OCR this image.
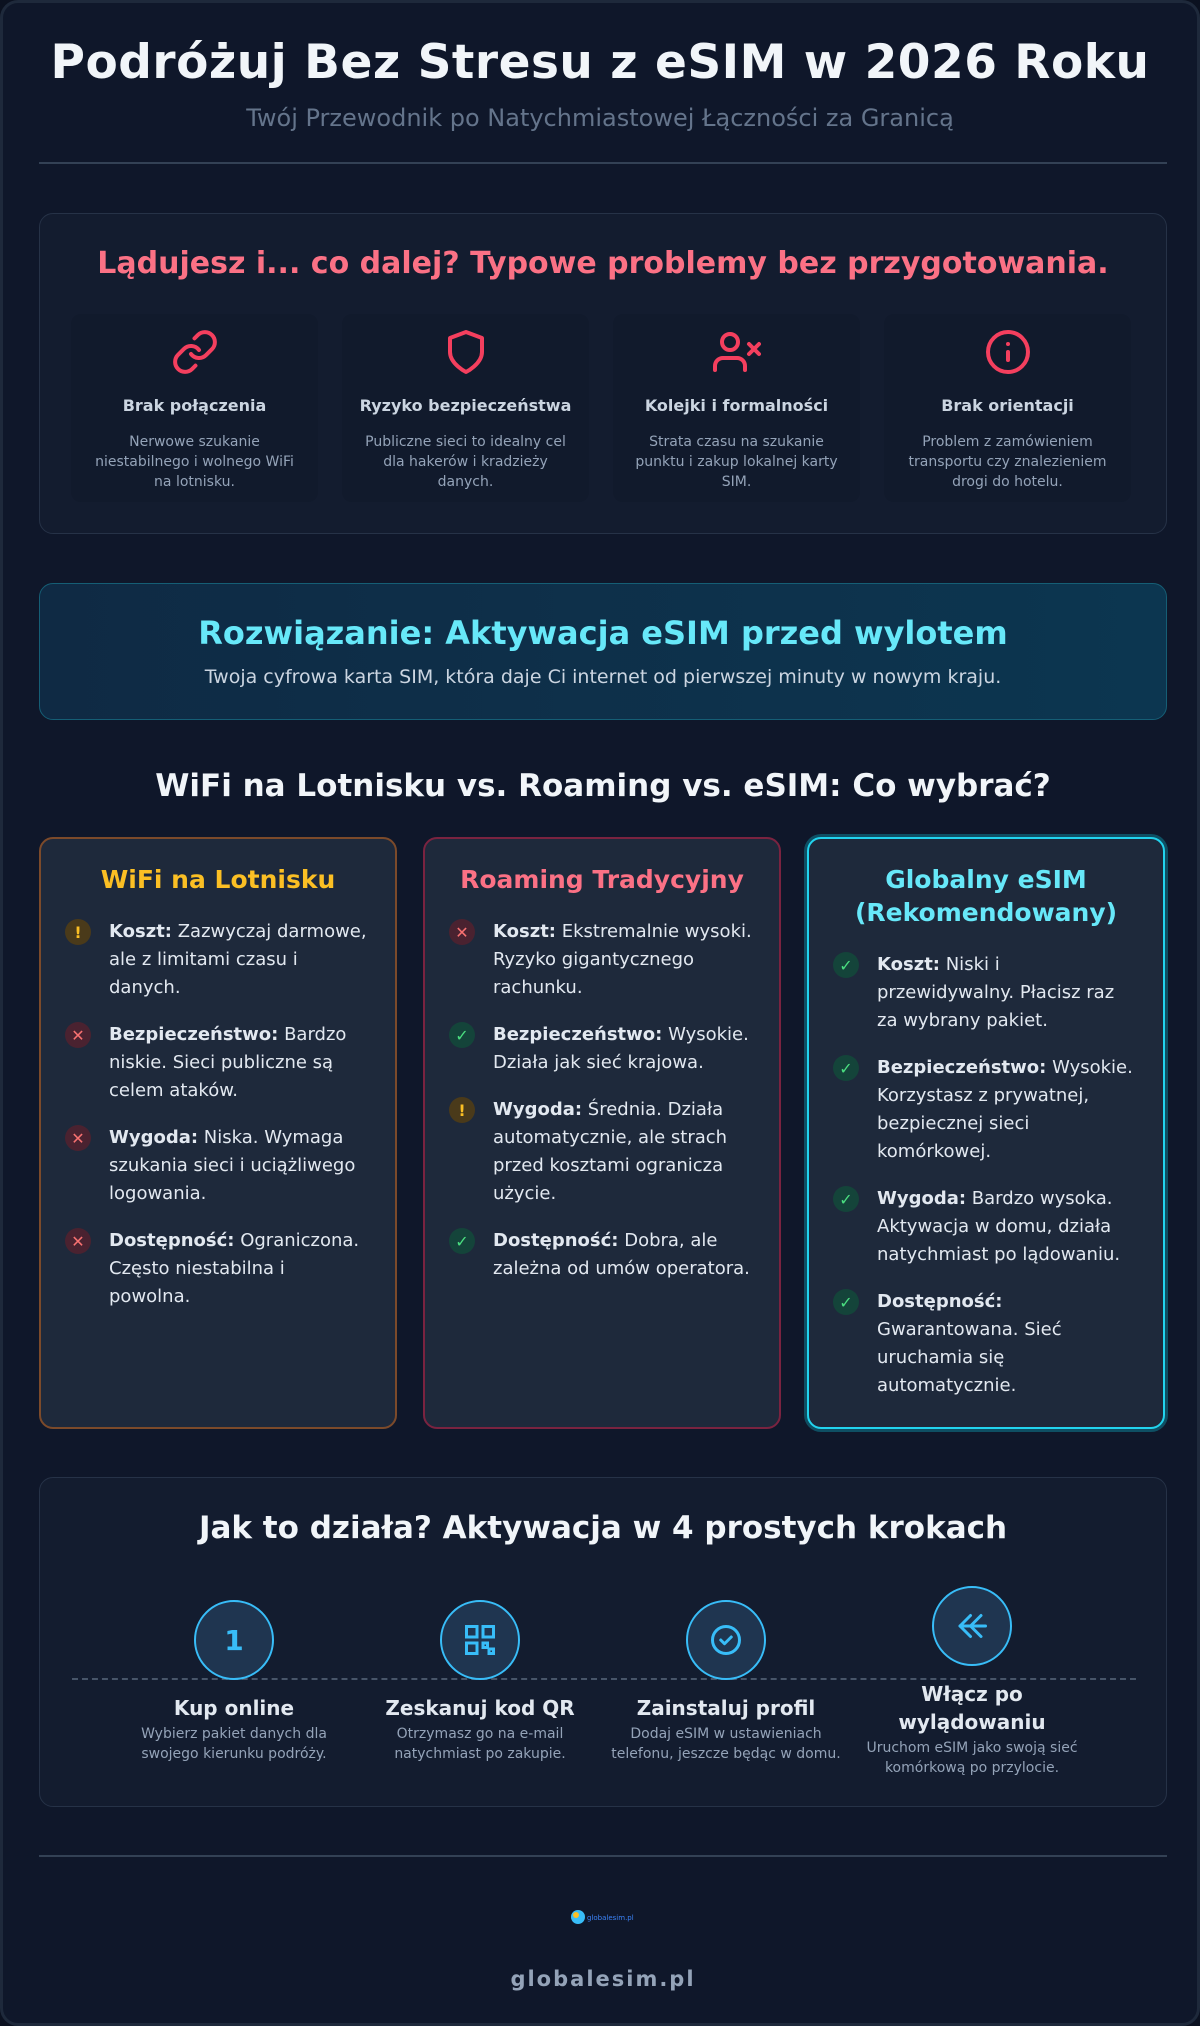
Podróżuj Bez Stresu z eSIM w 2026 Roku
Twój Przewodnik po Natychmiastowej Łączności za Granicą
Lądujesz i... co dalej? Typowe problemy bez przygotowania.
Brak połączenia
Nerwowe szukanie niestabilnego i wolnego WiFi na lotnisku.
Ryzyko bezpieczeństwa
Publiczne sieci to idealny cel dla hakerów i kradzieży danych.
Kolejki i formalności
Strata czasu na szukanie punktu i zakup lokalnej karty SIM.
Brak orientacji
Problem z zamówieniem transportu czy znalezieniem drogi do hotelu.
Rozwiązanie: Aktywacja eSIM przed wylotem

Twoja cyfrowa karta SIM, która daje Ci internet od pierwszej minuty w nowym kraju.

WiFi na Lotnisku vs. Roaming vs. eSIM: Co wybrać?
WiFi na Lotnisku
!	Koszt: Zazwyczaj darmowe, ale z limitami czasu i danych.
✕	Bezpieczeństwo: Bardzo niskie. Sieci publiczne są celem ataków.
✕	Wygoda: Niska. Wymaga szukania sieci i uciążliwego logowania.
✕	Dostępność: Ograniczona. Często niestabilna i powolna.
Roaming Tradycyjny
✕	Koszt: Ekstremalnie wysoki. Ryzyko gigantycznego rachunku.
✓	Bezpieczeństwo: Wysokie. Działa jak sieć krajowa.
!	Wygoda: Średnia. Działa automatycznie, ale strach przed kosztami ogranicza użycie.
✓	Dostępność: Dobra, ale zależna od umów operatora.
Globalny eSIM (Rekomendowany)
✓	Koszt: Niski i przewidywalny. Płacisz raz za wybrany pakiet.
✓	Bezpieczeństwo: Wysokie. Korzystasz z prywatnej, bezpiecznej sieci komórkowej.
✓	Wygoda: Bardzo wysoka. Aktywacja w domu, działa natychmiast po lądowaniu.
✓	Dostępność: Gwarantowana. Sieć uruchamia się automatycznie.
Jak to działa? Aktywacja w 4 prostych krokach
1
Kup online
Wybierz pakiet danych dla swojego kierunku podróży.
Zeskanuj kod QR
Otrzymasz go na e-mail natychmiast po zakupie.
Zainstaluj profil
Dodaj eSIM w ustawieniach telefonu, jeszcze będąc w domu.
Włącz po wylądowaniu
Uruchom eSIM jako swoją sieć komórkową po przylocie.
globalesim.pl
globalesim.pl
